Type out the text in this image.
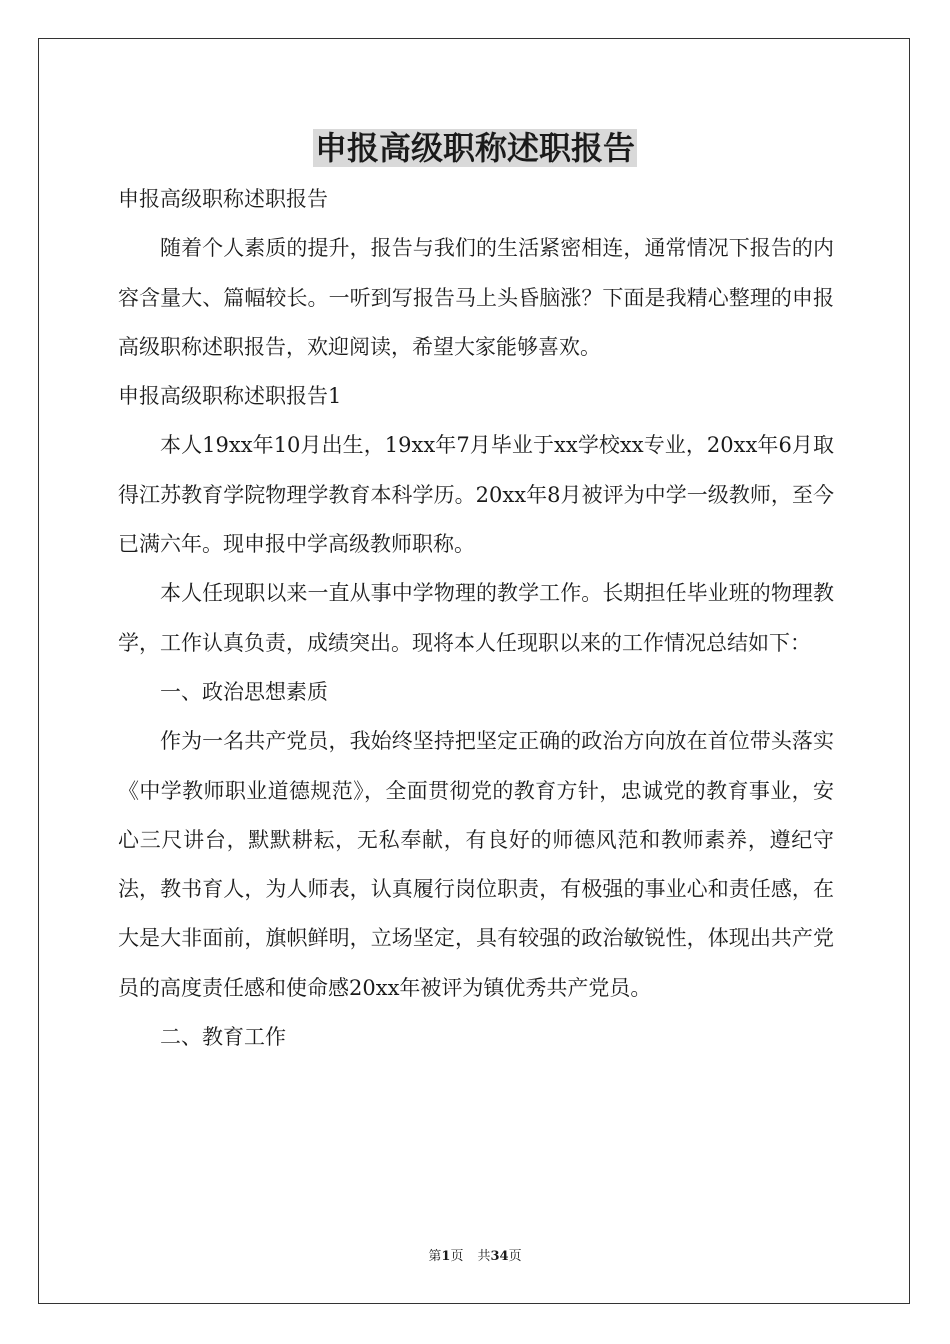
申报高级职称述职报告

申报高级职称述职报告

随着个人素质的提升，报告与我们的生活紧密相连，通常情况下报告的内容含量大、篇幅较长。一听到写报告马上头昏脑涨？下面是我精心整理的申报高级职称述职报告，欢迎阅读，希望大家能够喜欢。

申报高级职称述职报告1

本人19xx年10月出生，19xx年7月毕业于xx学校xx专业，20xx年6月取得江苏教育学院物理学教育本科学历。20xx年8月被评为中学一级教师，至今已满六年。现申报中学高级教师职称。

本人任现职以来一直从事中学物理的教学工作。长期担任毕业班的物理教学，工作认真负责，成绩突出。现将本人任现职以来的工作情况总结如下：

一、政治思想素质

作为一名共产党员，我始终坚持把坚定正确的政治方向放在首位带头落实《中学教师职业道德规范》，全面贯彻党的教育方针，忠诚党的教育事业，安心三尺讲台，默默耕耘，无私奉献，有良好的师德风范和教师素养，遵纪守法，教书育人，为人师表，认真履行岗位职责，有极强的事业心和责任感，在大是大非面前，旗帜鲜明，立场坚定，具有较强的政治敏锐性，体现出共产党员的高度责任感和使命感20xx年被评为镇优秀共产党员。

二、教育工作

第1页 共34页
